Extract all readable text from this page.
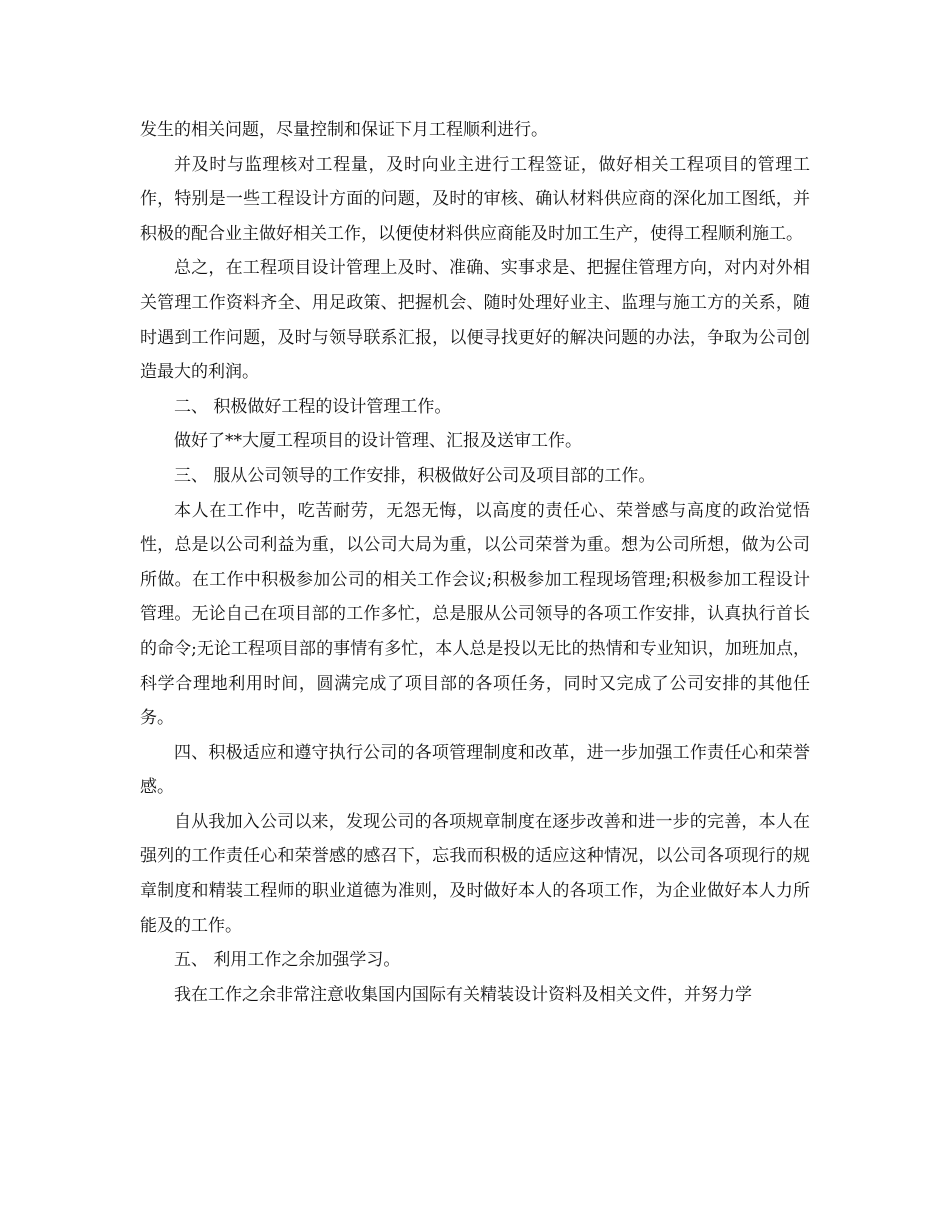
发生的相关问题，尽量控制和保证下月工程顺利进行。

并及时与监理核对工程量，及时向业主进行工程签证，做好相关工程项目的管理工作，特别是一些工程设计方面的问题，及时的审核、确认材料供应商的深化加工图纸，并积极的配合业主做好相关工作，以便使材料供应商能及时加工生产，使得工程顺利施工。

总之，在工程项目设计管理上及时、准确、实事求是、把握住管理方向，对内对外相关管理工作资料齐全、用足政策、把握机会、随时处理好业主、监理与施工方的关系，随时遇到工作问题，及时与领导联系汇报，以便寻找更好的解决问题的办法，争取为公司创造最大的利润。

二、 积极做好工程的设计管理工作。

做好了**大厦工程项目的设计管理、汇报及送审工作。

三、 服从公司领导的工作安排，积极做好公司及项目部的工作。

本人在工作中，吃苦耐劳，无怨无悔，以高度的责任心、荣誉感与高度的政治觉悟性，总是以公司利益为重，以公司大局为重，以公司荣誉为重。想为公司所想，做为公司所做。在工作中积极参加公司的相关工作会议;积极参加工程现场管理;积极参加工程设计管理。无论自己在项目部的工作多忙，总是服从公司领导的各项工作安排，认真执行首长的命令;无论工程项目部的事情有多忙，本人总是投以无比的热情和专业知识，加班加点，科学合理地利用时间，圆满完成了项目部的各项任务，同时又完成了公司安排的其他任务。

四、积极适应和遵守执行公司的各项管理制度和改革，进一步加强工作责任心和荣誉感。

自从我加入公司以来，发现公司的各项规章制度在逐步改善和进一步的完善，本人在强列的工作责任心和荣誉感的感召下，忘我而积极的适应这种情况，以公司各项现行的规章制度和精装工程师的职业道德为准则，及时做好本人的各项工作，为企业做好本人力所能及的工作。

五、 利用工作之余加强学习。

我在工作之余非常注意收集国内国际有关精装设计资料及相关文件，并努力学
